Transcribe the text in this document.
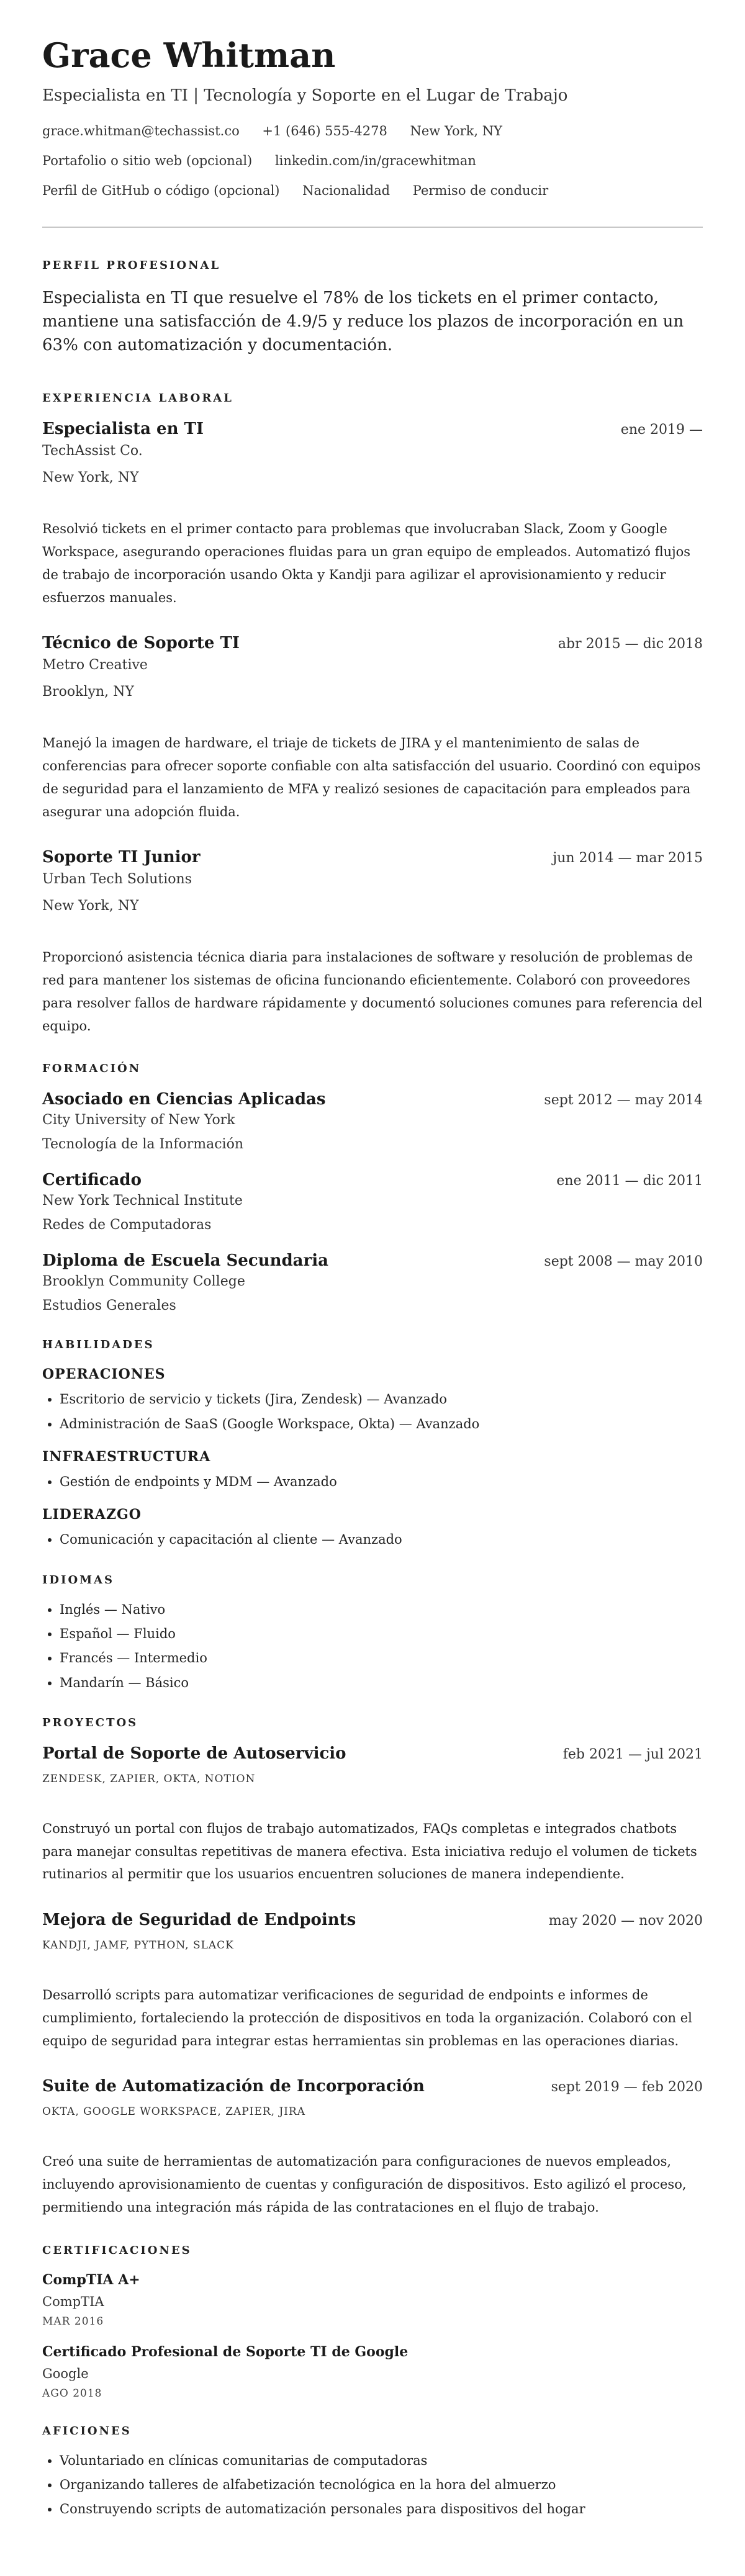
Grace Whitman
Especialista en TI | Tecnología y Soporte en el Lugar de Trabajo
grace.whitman@techassist.co +1 (646) 555-4278 New York, NY
Portafolio o sitio web (opcional) linkedin.com/in/gracewhitman
Perfil de GitHub o código (opcional) Nacionalidad Permiso de conducir
PERFIL PROFESIONAL
Especialista en TI que resuelve el 78% de los tickets en el primer contacto, mantiene una satisfacción de 4.9/5 y reduce los plazos de incorporación en un 63% con automatización y documentación.
EXPERIENCIA LABORAL
Especialista en TI	ene 2019 —
TechAssist Co.
New York, NY
Resolvió tickets en el primer contacto para problemas que involucraban Slack, Zoom y Google Workspace, asegurando operaciones fluidas para un gran equipo de empleados. Automatizó flujos de trabajo de incorporación usando Okta y Kandji para agilizar el aprovisionamiento y reducir esfuerzos manuales.
Técnico de Soporte TI	abr 2015 — dic 2018
Metro Creative
Brooklyn, NY
Manejó la imagen de hardware, el triaje de tickets de JIRA y el mantenimiento de salas de conferencias para ofrecer soporte confiable con alta satisfacción del usuario. Coordinó con equipos de seguridad para el lanzamiento de MFA y realizó sesiones de capacitación para empleados para asegurar una adopción fluida.
Soporte TI Junior	jun 2014 — mar 2015
Urban Tech Solutions
New York, NY
Proporcionó asistencia técnica diaria para instalaciones de software y resolución de problemas de red para mantener los sistemas de oficina funcionando eficientemente. Colaboró con proveedores para resolver fallos de hardware rápidamente y documentó soluciones comunes para referencia del equipo.
FORMACIÓN
Asociado en Ciencias Aplicadas	sept 2012 — may 2014
City University of New York
Tecnología de la Información
Certificado	ene 2011 — dic 2011
New York Technical Institute
Redes de Computadoras
Diploma de Escuela Secundaria	sept 2008 — may 2010
Brooklyn Community College
Estudios Generales
HABILIDADES
OPERACIONES
• Escritorio de servicio y tickets (Jira, Zendesk) — Avanzado
• Administración de SaaS (Google Workspace, Okta) — Avanzado
INFRAESTRUCTURA
• Gestión de endpoints y MDM — Avanzado
LIDERAZGO
• Comunicación y capacitación al cliente — Avanzado
IDIOMAS
• Inglés — Nativo
• Español — Fluido
• Francés — Intermedio
• Mandarín — Básico
PROYECTOS
Portal de Soporte de Autoservicio	feb 2021 — jul 2021
ZENDESK, ZAPIER, OKTA, NOTION
Construyó un portal con flujos de trabajo automatizados, FAQs completas e integrados chatbots para manejar consultas repetitivas de manera efectiva. Esta iniciativa redujo el volumen de tickets rutinarios al permitir que los usuarios encuentren soluciones de manera independiente.
Mejora de Seguridad de Endpoints	may 2020 — nov 2020
KANDJI, JAMF, PYTHON, SLACK
Desarrolló scripts para automatizar verificaciones de seguridad de endpoints e informes de cumplimiento, fortaleciendo la protección de dispositivos en toda la organización. Colaboró con el equipo de seguridad para integrar estas herramientas sin problemas en las operaciones diarias.
Suite de Automatización de Incorporación	sept 2019 — feb 2020
OKTA, GOOGLE WORKSPACE, ZAPIER, JIRA
Creó una suite de herramientas de automatización para configuraciones de nuevos empleados, incluyendo aprovisionamiento de cuentas y configuración de dispositivos. Esto agilizó el proceso, permitiendo una integración más rápida de las contrataciones en el flujo de trabajo.
CERTIFICACIONES
CompTIA A+
CompTIA
MAR 2016
Certificado Profesional de Soporte TI de Google
Google
AGO 2018
AFICIONES
• Voluntariado en clínicas comunitarias de computadoras
• Organizando talleres de alfabetización tecnológica en la hora del almuerzo
• Construyendo scripts de automatización personales para dispositivos del hogar
